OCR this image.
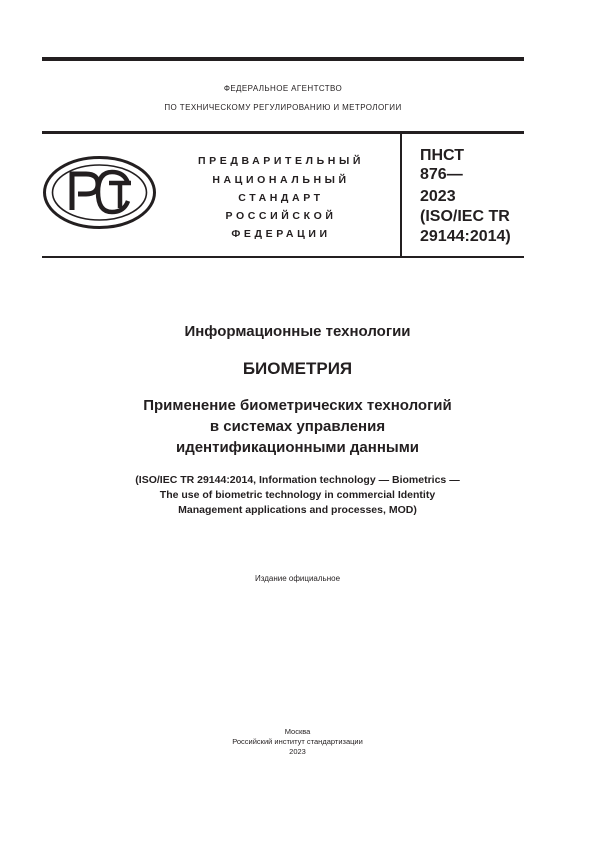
ФЕДЕРАЛЬНОЕ АГЕНТСТВО
ПО ТЕХНИЧЕСКОМУ РЕГУЛИРОВАНИЮ И МЕТРОЛОГИИ
ПРЕДВАРИТЕЛЬНЫЙ
НАЦИОНАЛЬНЫЙ
СТАНДАРТ
РОССИЙСКОЙ
ФЕДЕРАЦИИ
ПНСТ
876—
2023
(ISO/IEC TR
29144:2014)
Информационные технологии
БИОМЕТРИЯ
Применение биометрических технологий
в системах управления
идентификационными данными
(ISO/IEC TR 29144:2014, Information technology — Biometrics —
The use of biometric technology in commercial Identity
Management applications and processes, MOD)
Издание официальное
Москва
Российский институт стандартизации
2023
